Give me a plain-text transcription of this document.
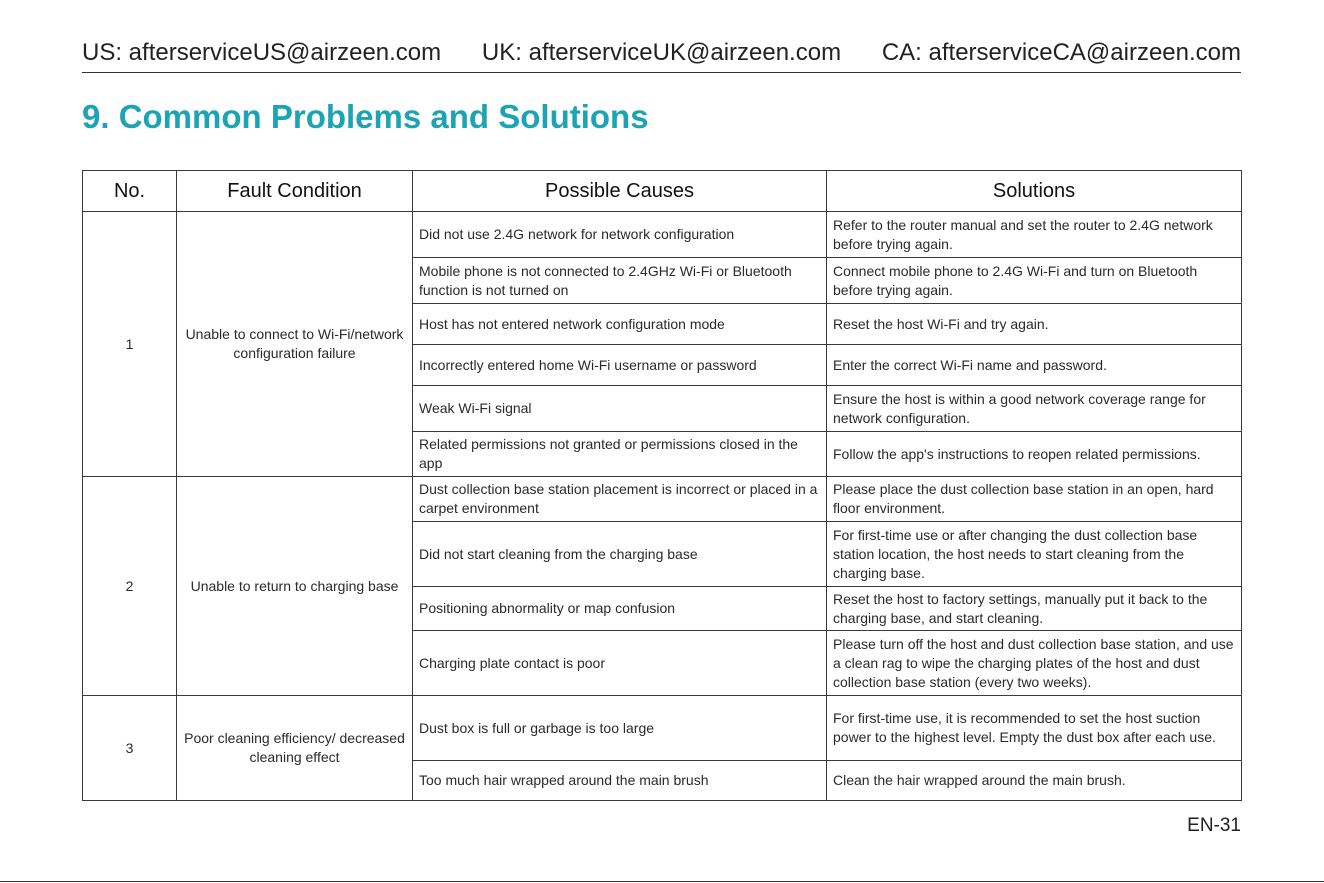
US: afterserviceUS@airzeen.com UK: afterserviceUK@airzeen.com CA: afterserviceCA@airzeen.com
9. Common Problems and Solutions
No.	Fault Condition	Possible Causes	Solutions
1	Unable to connect to Wi-Fi/network configuration failure	Did not use 2.4G network for network configuration	Refer to the router manual and set the router to 2.4G network before trying again.
		Mobile phone is not connected to 2.4GHz Wi-Fi or Bluetooth function is not turned on	Connect mobile phone to 2.4G Wi-Fi and turn on Bluetooth before trying again.
		Host has not entered network configuration mode	Reset the host Wi-Fi and try again.
		Incorrectly entered home Wi-Fi username or password	Enter the correct Wi-Fi name and password.
		Weak Wi-Fi signal	Ensure the host is within a good network coverage range for network configuration.
		Related permissions not granted or permissions closed in the app	Follow the app's instructions to reopen related permissions.
2	Unable to return to charging base	Dust collection base station placement is incorrect or placed in a carpet environment	Please place the dust collection base station in an open, hard floor environment.
		Did not start cleaning from the charging base	For first-time use or after changing the dust collection base station location, the host needs to start cleaning from the charging base.
		Positioning abnormality or map confusion	Reset the host to factory settings, manually put it back to the charging base, and start cleaning.
		Charging plate contact is poor	Please turn off the host and dust collection base station, and use a clean rag to wipe the charging plates of the host and dust collection base station (every two weeks).
3	Poor cleaning efficiency/ decreased cleaning effect	Dust box is full or garbage is too large	For first-time use, it is recommended to set the host suction power to the highest level. Empty the dust box after each use.
		Too much hair wrapped around the main brush	Clean the hair wrapped around the main brush.
EN-31
